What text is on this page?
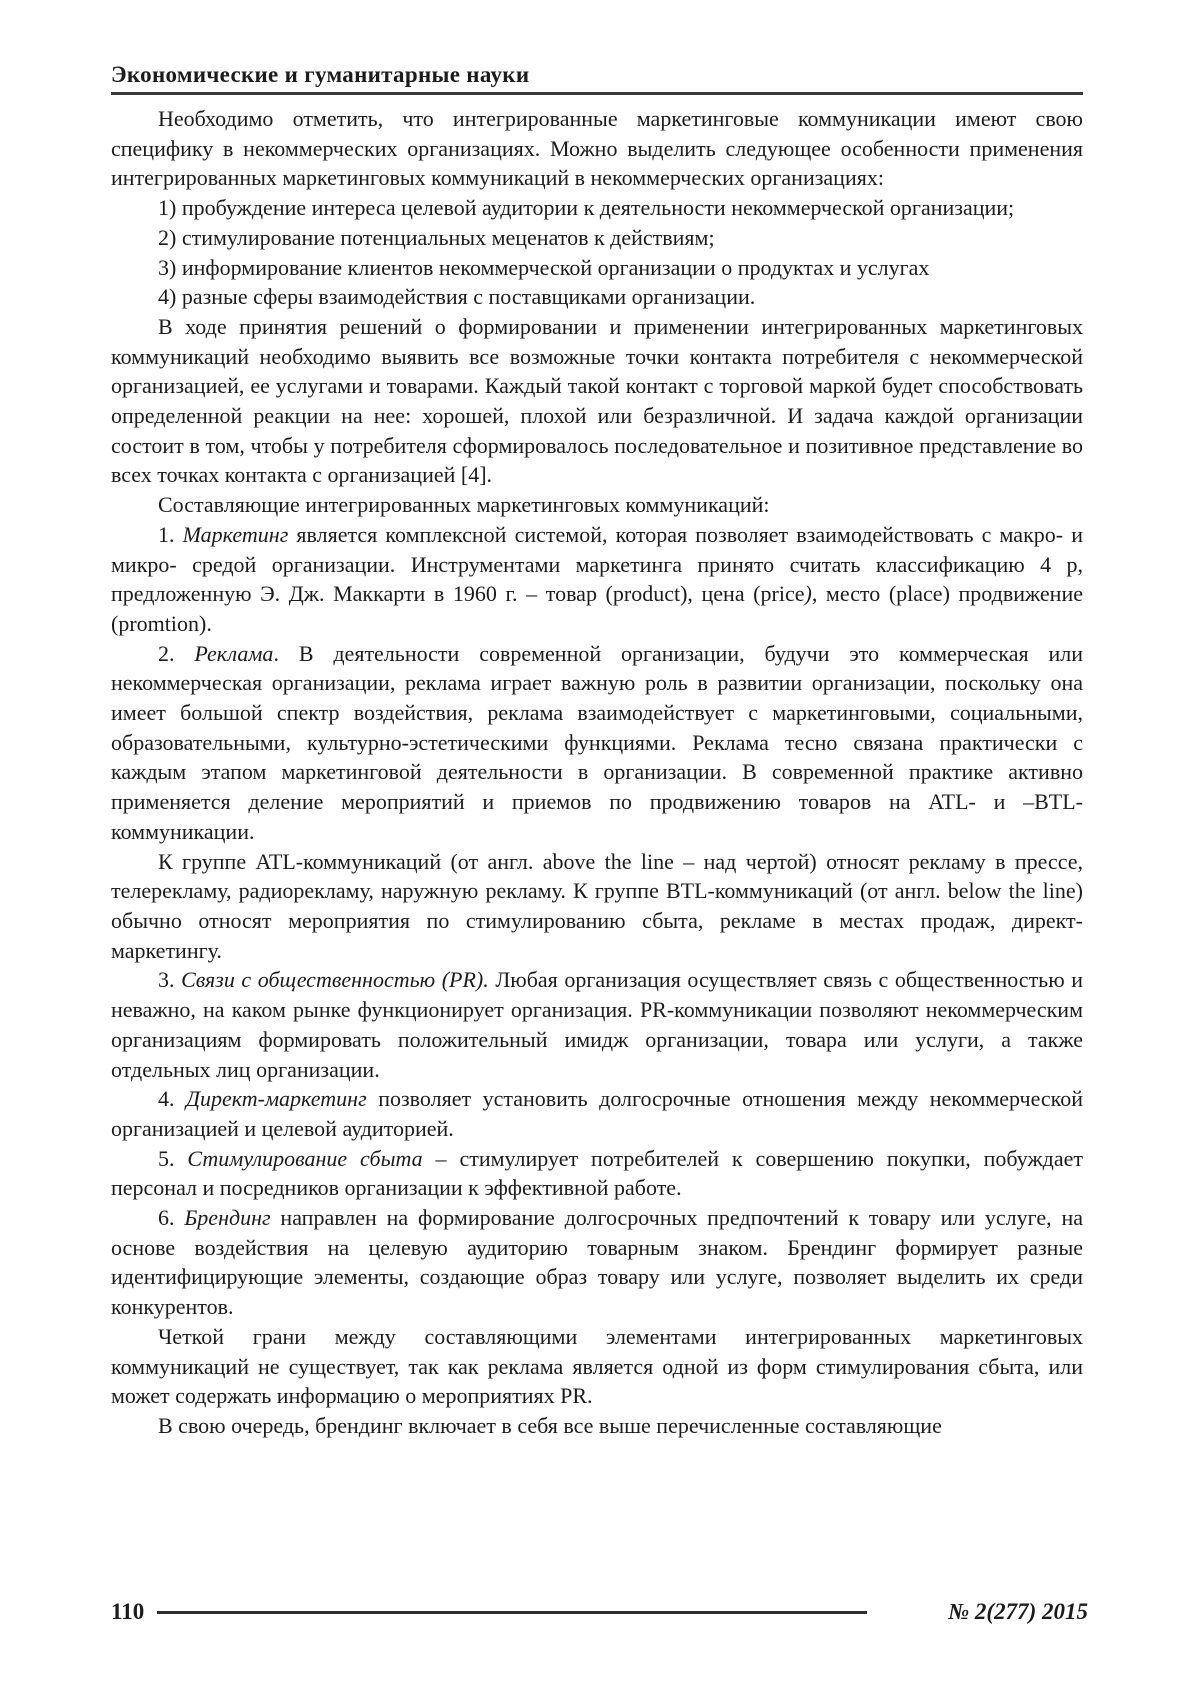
Экономические и гуманитарные науки

Необходимо отметить, что интегрированные маркетинговые коммуникации имеют свою специфику в некоммерческих организациях. Можно выделить следующее особенности применения интегрированных маркетинговых коммуникаций в некоммерческих организациях:

1) пробуждение интереса целевой аудитории к деятельности некоммерческой организации;

2) стимулирование потенциальных меценатов к действиям;

3) информирование клиентов некоммерческой организации о продуктах и услугах

4) разные сферы взаимодействия с поставщиками организации.

В ходе принятия решений о формировании и применении интегрированных маркетинговых коммуникаций необходимо выявить все возможные точки контакта потребителя с некоммерческой организацией, ее услугами и товарами. Каждый такой контакт с торговой маркой будет способствовать определенной реакции на нее: хорошей, плохой или безразличной. И задача каждой организации состоит в том, чтобы у потребителя сформировалось последовательное и позитивное представление во всех точках контакта с организацией [4].

Составляющие интегрированных маркетинговых коммуникаций:

1. Маркетинг является комплексной системой, которая позволяет взаимодействовать с макро- и микро- средой организации. Инструментами маркетинга принято считать классификацию 4 р, предложенную Э. Дж. Маккарти в 1960 г. – товар (product), цена (price), место (place) продвижение (promtion).

2. Реклама. В деятельности современной организации, будучи это коммерческая или некоммерческая организации, реклама играет важную роль в развитии организации, поскольку она имеет большой спектр воздействия, реклама взаимодействует с маркетинговыми, социальными, образовательными, культурно-эстетическими функциями. Реклама тесно связана практически с каждым этапом маркетинговой деятельности в организации. В современной практике активно применяется деление мероприятий и приемов по продвижению товаров на ATL- и –BTL-коммуникации.

К группе ATL-коммуникаций (от англ. above the line – над чертой) относят рекламу в прессе, телерекламу, радиорекламу, наружную рекламу. К группе BTL-коммуникаций (от англ. below the line) обычно относят мероприятия по стимулированию сбыта, рекламе в местах продаж, директ-маркетингу.

3. Связи с общественностью (PR). Любая организация осуществляет связь с общественностью и неважно, на каком рынке функционирует организация. PR-коммуникации позволяют некоммерческим организациям формировать положительный имидж организации, товара или услуги, а также отдельных лиц организации.

4. Директ-маркетинг позволяет установить долгосрочные отношения между некоммерческой организацией и целевой аудиторией.

5. Стимулирование сбыта – стимулирует потребителей к совершению покупки, побуждает персонал и посредников организации к эффективной работе.

6. Брендинг направлен на формирование долгосрочных предпочтений к товару или услуге, на основе воздействия на целевую аудиторию товарным знаком. Брендинг формирует разные идентифицирующие элементы, создающие образ товару или услуге, позволяет выделить их среди конкурентов.

Четкой грани между составляющими элементами интегрированных маркетинговых коммуникаций не существует, так как реклама является одной из форм стимулирования сбыта, или может содержать информацию о мероприятиях PR.

В свою очередь, брендинг включает в себя все выше перечисленные составляющие

110	№ 2(277) 2015
